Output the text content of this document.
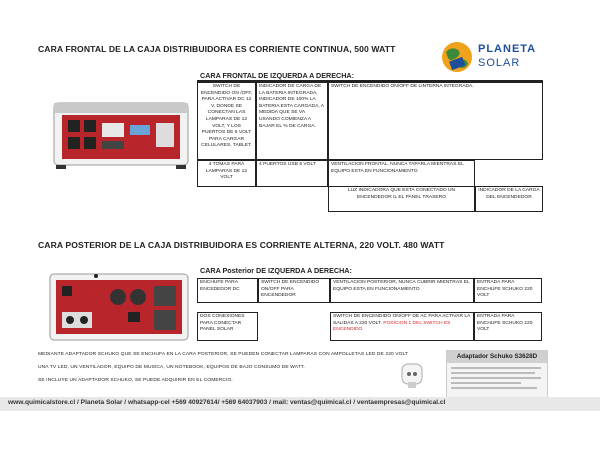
CARA FRONTAL DE LA CAJA DISTRIBUIDORA ES CORRIENTE CONTINUA, 500 WATT	PLANETA
SOLAR
CARA FRONTAL DE IZQUERDA A DERECHA:
SWITCH DE ENCENDIDO ON /OFF, PARA ACTIVAR DC 12 V, DONDE SE CONECTAN LAS LAMPARAS DE 12 VOLT, Y LOS PUERTOS DE 5 VOLT PARA CARGAR CELULARES, TABLET.
INDICADOR DE CARGA DE LA BATERIA INTEGRADA, INDICADOR DE 100% LA BATERIA ESTA CARGADA, A MEDIDA QUE SE VA USANDO COMIENZA A BAJAR EL % DE CARGA.
SWITCH DE ENCENDIDO ON/OFF DE LINTERNA INTEGRADA.
4 TOMAS PARA LAMPARAS DE 12 VOLT
4 PUERTOS USB 5 VOLT	VENTILACION FRONTAL, NUNCA TAPARLA MIENTRAS EL EQUIPO ESTA EN FUNCIONAMIENTO
LUZ INDICADORA QUE ESTA CONECTADO UN ENCENDEDOR IL EL PANEL TRASERO
INDICADOR DE LA CARGA DEL ENCENDEDOR
CARA POSTERIOR DE LA CAJA DISTRIBUIDORA ES CORRIENTE ALTERNA, 220 VOLT. 480 WATT
CARA Posterior DE IZQUERDA A DERECHA:
ENCHUFE PARA ENCEDEDOR DC
SWITCH DE ENCENDIDO ON/OFF PARA ENCENDEDOR
VENTILACION POSTERIOR, NUNCA CUBRIR MIENTRAS EL EQUIPO ESTA EN FUNCIONAMIENTO
ENTRADA PARA ENCHUFE SCHUKO 220 VOLT
DOS CONEXIONES PARA CONECTAR PANEL SOLAR
SWITCH DE ENCENDIDO ON/OFF DE AC PARA ACTIVAR LA SALIDAS A 220 VOLT. POSICION 1 DEL SWITCH ES ENCENDIDO
ENTRADA PARA ENCHUFE SCHUKO 220 VOLT
MEDIANTE ADAPTADOR SCHUKO QUE SE ENCHUFA EN LA CARA POSTERIOR, SE PUEDEN CONECTAR LAMPARAS CON AMPOLLETAS LED DE 220 VOLT
UNA TV LED, UN VENTILADOR, EQUIPO DE MUSICA, UN NOTEBOOK, EQUIPOS DE BAJO CONSUMO DE WATT.
SE INCLUYE UN ADAPTADOR SCHUKO, SE PUEDE ADQUIRIR EN EL COMERCIO.
Adaptador Schuko S3628D
www.quimicalstore.cl / Planeta Solar / whatsapp-cel +569 40927614/ +569 64037903 / mail: ventas@quimical.cl / ventaempresas@quimical.cl
